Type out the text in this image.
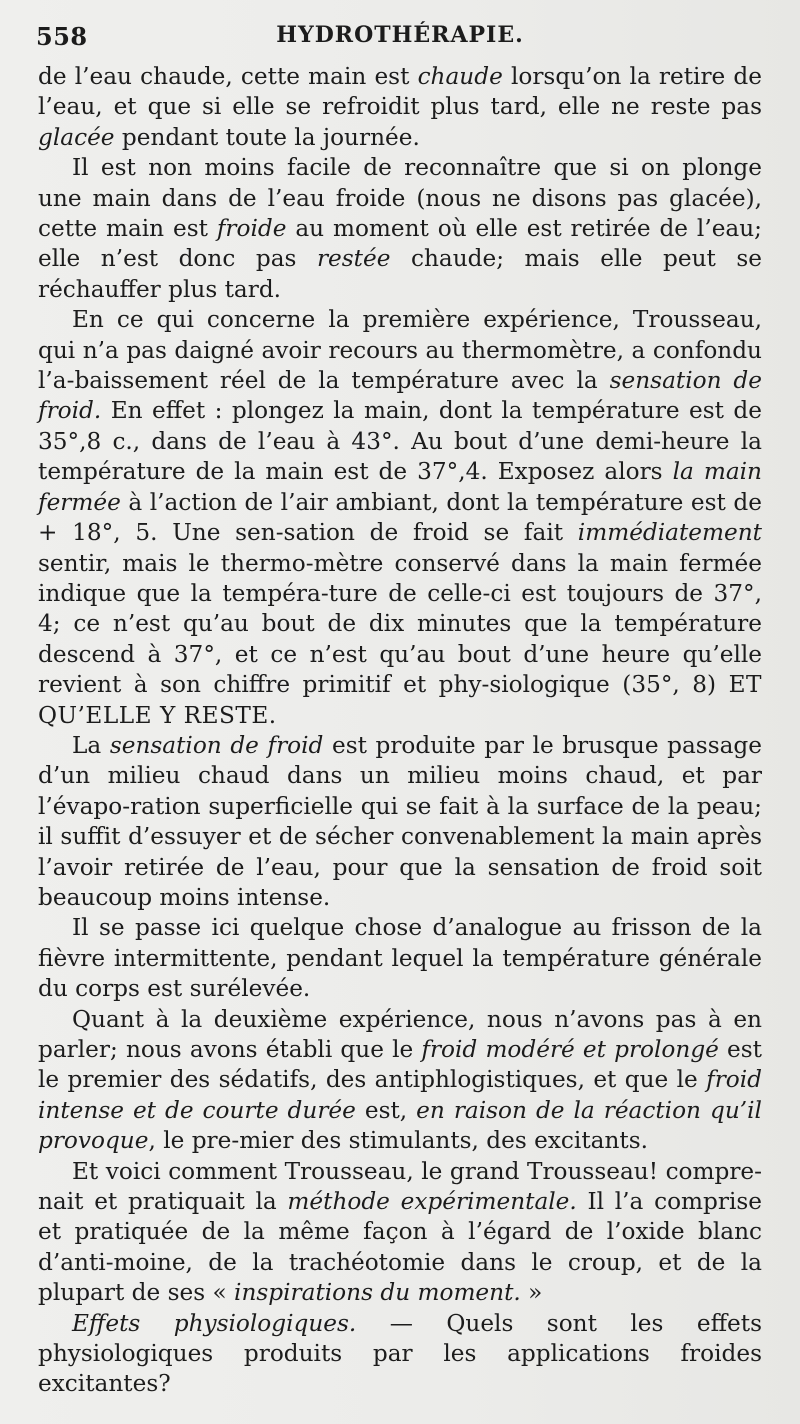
558	HYDROTHÉRAPIE.

de l’eau chaude, cette main est chaude lorsqu’on la retire de l’eau, et que si elle se refroidit plus tard, elle ne reste pas glacée pendant toute la journée.

Il est non moins facile de reconnaître que si on plonge une main dans de l’eau froide (nous ne disons pas glacée), cette main est froide au moment où elle est retirée de l’eau; elle n’est donc pas restée chaude; mais elle peut se réchauffer plus tard.

En ce qui concerne la première expérience, Trousseau, qui n’a pas daigné avoir recours au thermomètre, a confondu l’a-baissement réel de la température avec la sensation de froid. En effet : plongez la main, dont la température est de 35°,8 c., dans de l’eau à 43°. Au bout d’une demi-heure la température de la main est de 37°,4. Exposez alors la main fermée à l’action de l’air ambiant, dont la température est de + 18°, 5. Une sen-sation de froid se fait immédiatement sentir, mais le thermo-mètre conservé dans la main fermée indique que la tempéra-ture de celle-ci est toujours de 37°, 4; ce n’est qu’au bout de dix minutes que la température descend à 37°, et ce n’est qu’au bout d’une heure qu’elle revient à son chiffre primitif et phy-siologique (35°, 8) ET QU’ELLE Y RESTE.

La sensation de froid est produite par le brusque passage d’un milieu chaud dans un milieu moins chaud, et par l’évapo-ration superficielle qui se fait à la surface de la peau; il suffit d’essuyer et de sécher convenablement la main après l’avoir retirée de l’eau, pour que la sensation de froid soit beaucoup moins intense.

Il se passe ici quelque chose d’analogue au frisson de la fièvre intermittente, pendant lequel la température générale du corps est surélevée.

Quant à la deuxième expérience, nous n’avons pas à en parler; nous avons établi que le froid modéré et prolongé est le premier des sédatifs, des antiphlogistiques, et que le froid intense et de courte durée est, en raison de la réaction qu’il provoque, le pre-mier des stimulants, des excitants.

Et voici comment Trousseau, le grand Trousseau! compre-nait et pratiquait la méthode expérimentale. Il l’a comprise et pratiquée de la même façon à l’égard de l’oxide blanc d’anti-moine, de la trachéotomie dans le croup, et de la plupart de ses « inspirations du moment. »

Effets physiologiques. — Quels sont les effets physiologiques produits par les applications froides excitantes?
